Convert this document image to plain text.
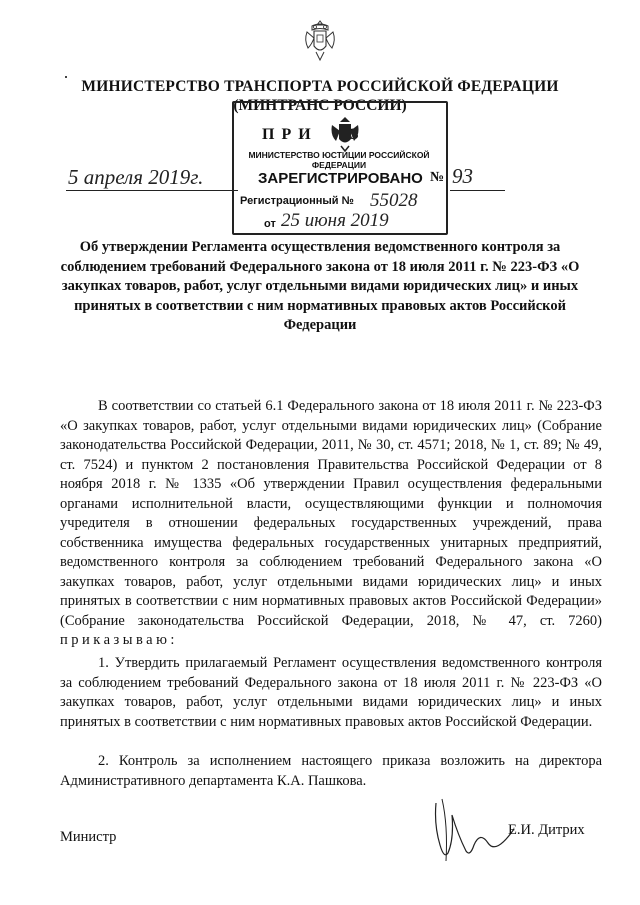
МИНИСТЕРСТВО ТРАНСПОРТА РОССИЙСКОЙ ФЕДЕРАЦИИ
(МИНТРАНС РОССИИ)
ПРИ
МИНИСТЕРСТВО ЮСТИЦИИ РОССИЙСКОЙ ФЕДЕРАЦИИ
ЗАРЕГИСТРИРОВАНО
Регистрационный № 55028
от 25 июня 2019
5 апреля 2019г.	№ 93
Об утверждении Регламента осуществления ведомственного контроля за соблюдением требований Федерального закона от 18 июля 2011 г. № 223-ФЗ «О закупках товаров, работ, услуг отдельными видами юридических лиц» и иных принятых в соответствии с ним нормативных правовых актов Российской Федерации
В соответствии со статьей 6.1 Федерального закона от 18 июля 2011 г. № 223-ФЗ «О закупках товаров, работ, услуг отдельными видами юридических лиц» (Собрание законодательства Российской Федерации, 2011, № 30, ст. 4571; 2018, № 1, ст. 89; № 49, ст. 7524) и пунктом 2 постановления Правительства Российской Федерации от 8 ноября 2018 г. № 1335 «Об утверждении Правил осуществления федеральными органами исполнительной власти, осуществляющими функции и полномочия учредителя в отношении федеральных государственных учреждений, права собственника имущества федеральных государственных унитарных предприятий, ведомственного контроля за соблюдением требований Федерального закона «О закупках товаров, работ, услуг отдельными видами юридических лиц» и иных принятых в соответствии с ним нормативных правовых актов Российской Федерации» (Собрание законодательства Российской Федерации, 2018, № 47, ст. 7260) приказываю:
1. Утвердить прилагаемый Регламент осуществления ведомственного контроля за соблюдением требований Федерального закона от 18 июля 2011 г. № 223-ФЗ «О закупках товаров, работ, услуг отдельными видами юридических лиц» и иных принятых в соответствии с ним нормативных правовых актов Российской Федерации.
2. Контроль за исполнением настоящего приказа возложить на директора Административного департамента К.А. Пашкова.
Министр	Е.И. Дитрих
